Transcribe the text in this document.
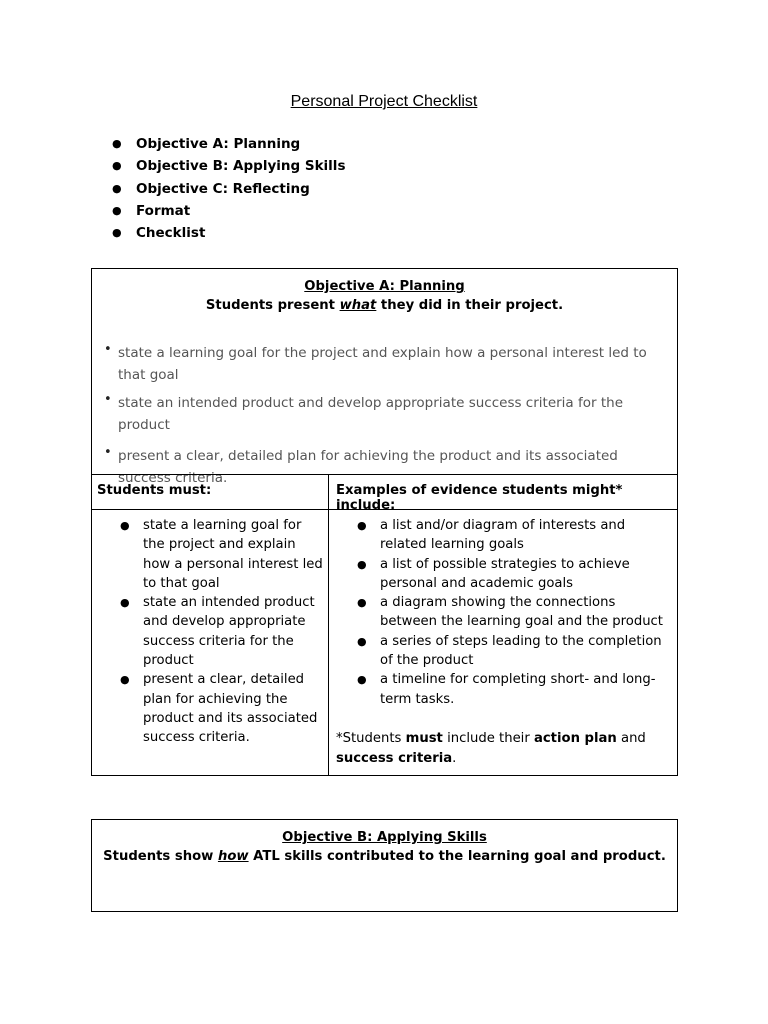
Personal Project Checklist
● Objective A: Planning
● Objective B: Applying Skills
● Objective C: Reflecting
● Format
● Checklist
Objective A: Planning
Students present what they did in their project.
• state a learning goal for the project and explain how a personal interest led to that goal
• state an intended product and develop appropriate success criteria for the product
• present a clear, detailed plan for achieving the product and its associated success criteria.
Students must:	Examples of evidence students might* include:
● state a learning goal for the project and explain how a personal interest led to that goal
● state an intended product and develop appropriate success criteria for the product
● present a clear, detailed plan for achieving the product and its associated success criteria.
● a list and/or diagram of interests and related learning goals
● a list of possible strategies to achieve personal and academic goals
● a diagram showing the connections between the learning goal and the product
● a series of steps leading to the completion of the product
● a timeline for completing short- and long-term tasks.
*Students must include their action plan and success criteria.
Objective B: Applying Skills
Students show how ATL skills contributed to the learning goal and product.
